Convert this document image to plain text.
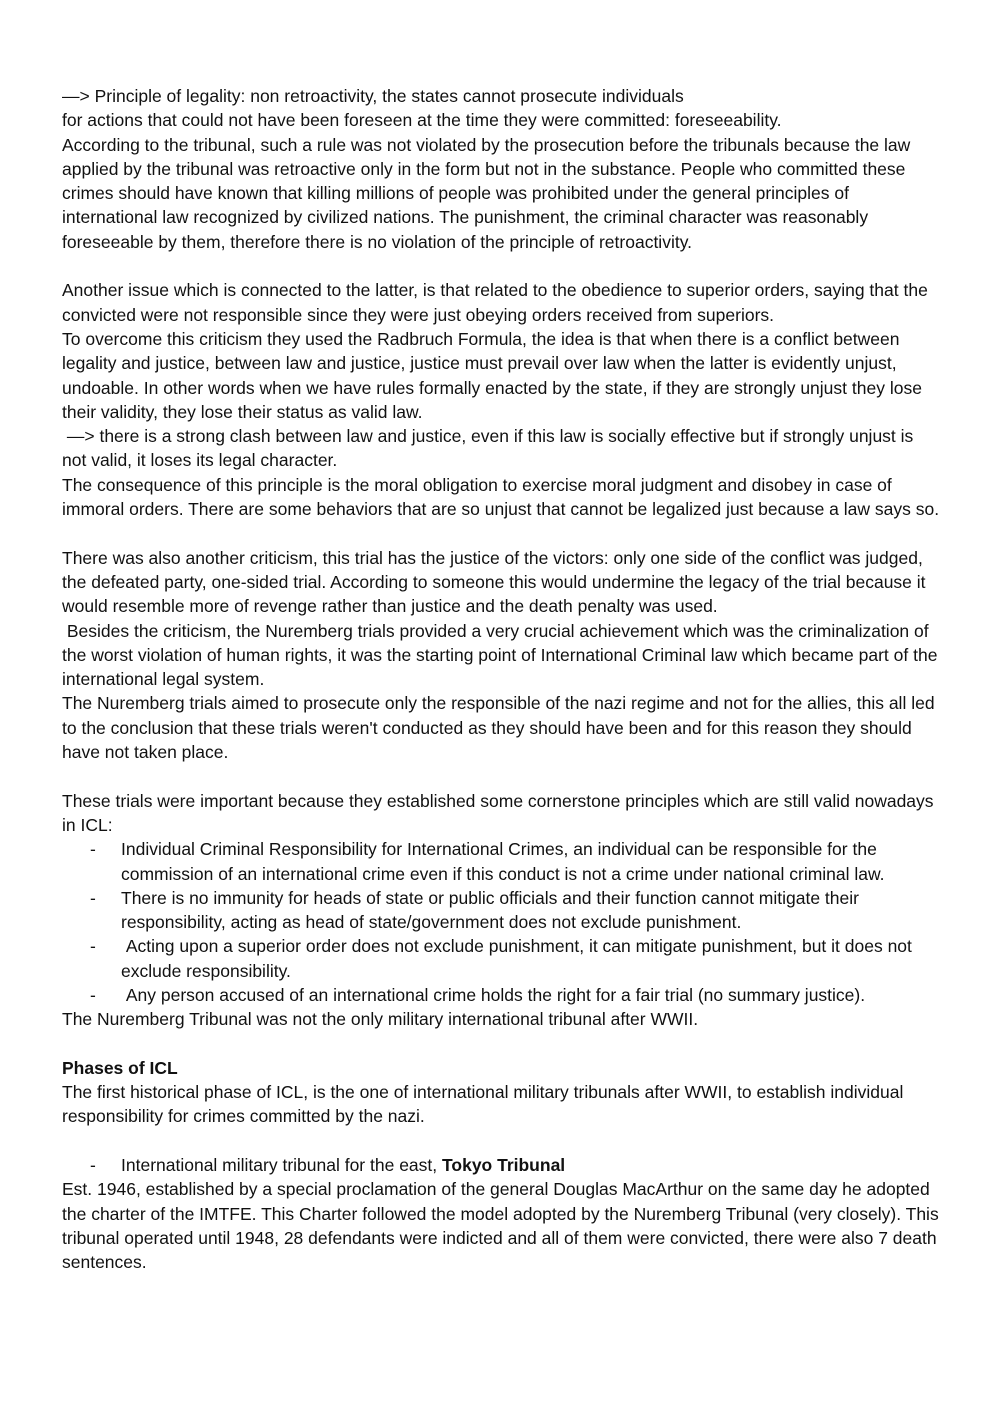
—> Principle of legality: non retroactivity, the states cannot prosecute individuals

for actions that could not have been foreseen at the time they were committed: foreseeability.

According to the tribunal, such a rule was not violated by the prosecution before the tribunals because the law applied by the tribunal was retroactive only in the form but not in the substance. People who committed these crimes should have known that killing millions of people was prohibited under the general principles of international law recognized by civilized nations. The punishment, the criminal character was reasonably foreseeable by them, therefore there is no violation of the principle of retroactivity.

Another issue which is connected to the latter, is that related to the obedience to superior orders, saying that the convicted were not responsible since they were just obeying orders received from superiors.

To overcome this criticism they used the Radbruch Formula, the idea is that when there is a conflict between legality and justice, between law and justice, justice must prevail over law when the latter is evidently unjust, undoable. In other words when we have rules formally enacted by the state, if they are strongly unjust they lose their validity, they lose their status as valid law.

—> there is a strong clash between law and justice, even if this law is socially effective but if strongly unjust is not valid, it loses its legal character.

The consequence of this principle is the moral obligation to exercise moral judgment and disobey in case of immoral orders. There are some behaviors that are so unjust that cannot be legalized just because a law says so.

There was also another criticism, this trial has the justice of the victors: only one side of the conflict was judged, the defeated party, one-sided trial. According to someone this would undermine the legacy of the trial because it would resemble more of revenge rather than justice and the death penalty was used.

Besides the criticism, the Nuremberg trials provided a very crucial achievement which was the criminalization of the worst violation of human rights, it was the starting point of International Criminal law which became part of the international legal system.

The Nuremberg trials aimed to prosecute only the responsible of the nazi regime and not for the allies, this all led to the conclusion that these trials weren't conducted as they should have been and for this reason they should have not taken place.

These trials were important because they established some cornerstone principles which are still valid nowadays in ICL:

- Individual Criminal Responsibility for International Crimes, an individual can be responsible for the commission of an international crime even if this conduct is not a crime under national criminal law.
- There is no immunity for heads of state or public officials and their function cannot mitigate their responsibility, acting as head of state/government does not exclude punishment.
- Acting upon a superior order does not exclude punishment, it can mitigate punishment, but it does not exclude responsibility.
- Any person accused of an international crime holds the right for a fair trial (no summary justice).

The Nuremberg Tribunal was not the only military international tribunal after WWII.

Phases of ICL

The first historical phase of ICL, is the one of international military tribunals after WWII, to establish individual responsibility for crimes committed by the nazi.

- International military tribunal for the east, Tokyo Tribunal

Est. 1946, established by a special proclamation of the general Douglas MacArthur on the same day he adopted the charter of the IMTFE. This Charter followed the model adopted by the Nuremberg Tribunal (very closely). This tribunal operated until 1948, 28 defendants were indicted and all of them were convicted, there were also 7 death sentences.
